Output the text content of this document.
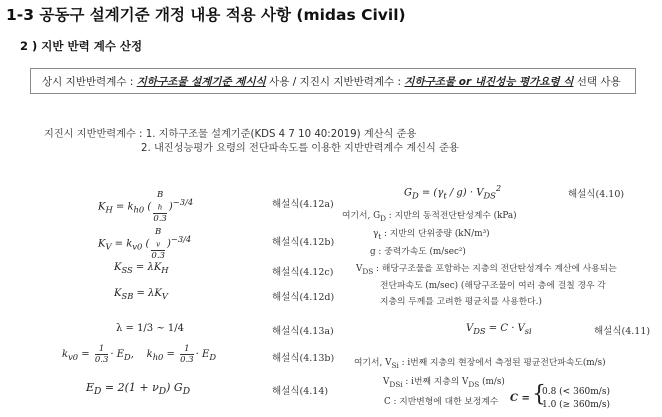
1-3 공동구 설계기준 개정 내용 적용 사항 (midas Civil)
2 ) 지반 반력 계수 산정
상시 지반반력계수 : 지하구조물 설계기준 제시식 사용 / 지진시 지반반력계수 : 지하구조물 or 내진성능 평가요령 식 선택 사용
지진시 지반반력계수 : 1. 지하구조물 설계기준(KDS 4 7 10 40:2019) 계산식 준용
2. 내진성능평가 요령의 전단파속도를 이용한 지반반력계수 계신식 준용
$K_H = k_{h0}$ ( B
$_h$
0.3 )$^{-3/4}$	해설식(4.12a)
$K_V = k_{v0}$ ( B
$_v$
0.3 )$^{-3/4}$	해설식(4.12b)
$K_{SS} = \lambda K_H$	해설식(4.12c)
$K_{SB} = \lambda K_V$	해설식(4.12d)
λ = 1/3 ~ 1/4	해설식(4.13a)
$k_{v0} = \frac{1}{0.3} \cdot E_D$,    $k_{h0} = \frac{1}{0.3} \cdot E_D$	해설식(4.13b)
$E_D = 2(1 + \nu_D)$ $G_D$	해설식(4.14)
$G_D = (\gamma_t / g) \cdot V_{DS}^2$
해설식(4.10)
여기서, $G_D$ : 지반의 동적전단탄성계수 (kPa)
$\gamma_t$ : 지반의 단위중량 (kN/m³)
g : 중력가속도 (m/sec²)
$V_{DS}$ : 해당구조물을 포함하는 지층의 전단탄성계수 계산에 사용되는
전단파속도 (m/sec) (해당구조물이 여러 층에 걸칠 경우 각
지층의 두께를 고려한 평균치를 사용한다.)
$V_{DS} = C \cdot V_{si}$	해설식(4.11)
여기서, $V_{Si}$ : i번째 지층의 현장에서 측정된 평균전단파속도(m/s)
$V_{DSi}$ : i번째 지층의 $V_{DS}$ (m/s)
C : 지반변형에 대한 보정계수 C = {
0.8 (< 360m/s)
1.0 (≥ 360m/s)
